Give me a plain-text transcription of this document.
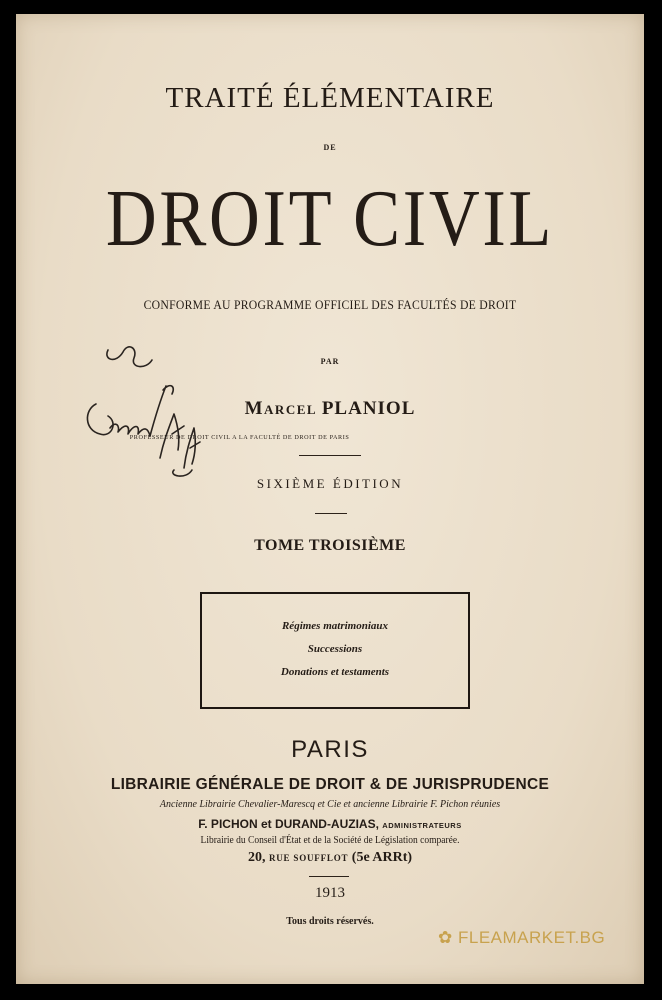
TRAITÉ ÉLÉMENTAIRE
DE
DROIT CIVIL
CONFORME AU PROGRAMME OFFICIEL DES FACULTÉS DE DROIT
PAR
Marcel PLANIOL
PROFESSEUR DE DROIT CIVIL A LA FACULTÉ DE DROIT DE PARIS
SIXIÈME ÉDITION
TOME TROISIÈME
Régimes matrimoniaux
Successions
Donations et testaments
PARIS
LIBRAIRIE GÉNÉRALE DE DROIT & DE JURISPRUDENCE
Ancienne Librairie Chevalier-Marescq et Cie et ancienne Librairie F. Pichon réunies
F. PICHON et DURAND-AUZIAS, ADMINISTRATEURS
Librairie du Conseil d'État et de la Société de Législation comparée.
20, RUE SOUFFLOT (5e ARRt)
1913
Tous droits réservés.
✿ FLEAMARKET.BG
